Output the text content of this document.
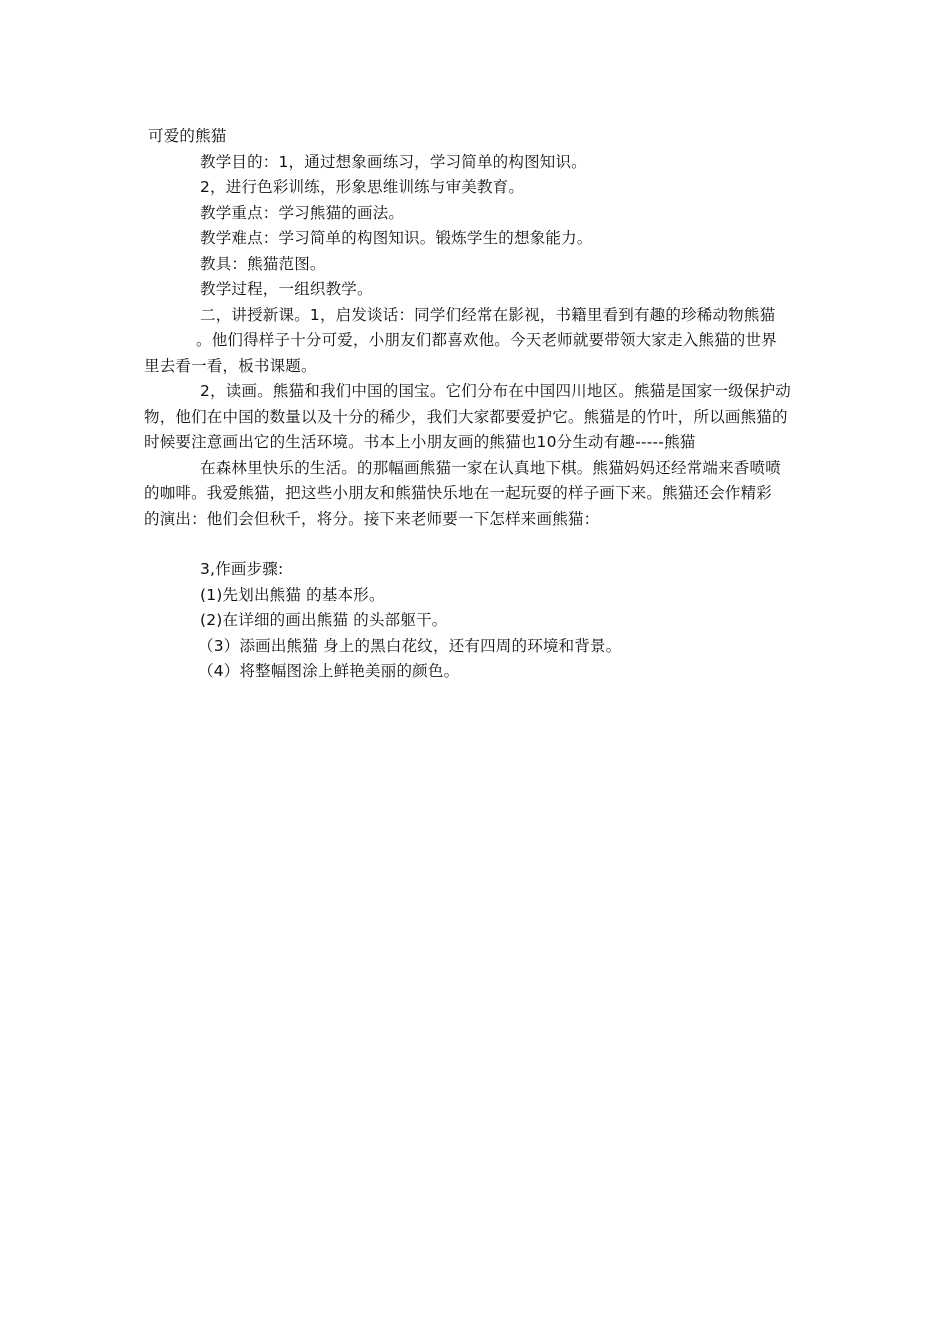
可爱的熊猫

教学目的：1，通过想象画练习，学习简单的构图知识。

2，进行色彩训练，形象思维训练与审美教育。

教学重点：学习熊猫的画法。

教学难点：学习简单的构图知识。锻炼学生的想象能力。

教具：熊猫范图。

教学过程，一组织教学。

二，讲授新课。1，启发谈话：同学们经常在影视，书籍里看到有趣的珍稀动物熊猫

。他们得样子十分可爱，小朋友们都喜欢他。今天老师就要带领大家走入熊猫的世界

里去看一看，板书课题。

2，读画。熊猫和我们中国的国宝。它们分布在中国四川地区。熊猫是国家一级保护动

物，他们在中国的数量以及十分的稀少，我们大家都要爱护它。熊猫是的竹叶，所以画熊猫的

时候要注意画出它的生活环境。书本上小朋友画的熊猫也10分生动有趣-----熊猫

在森林里快乐的生活。的那幅画熊猫一家在认真地下棋。熊猫妈妈还经常端来香喷喷

的咖啡。我爱熊猫，把这些小朋友和熊猫快乐地在一起玩耍的样子画下来。熊猫还会作精彩

的演出：他们会但秋千，将分。接下来老师要一下怎样来画熊猫：

3,作画步骤:

(1)先划出熊猫 的基本形。

(2)在详细的画出熊猫 的头部躯干。

（3）添画出熊猫 身上的黑白花纹，还有四周的环境和背景。

（4）将整幅图涂上鲜艳美丽的颜色。
